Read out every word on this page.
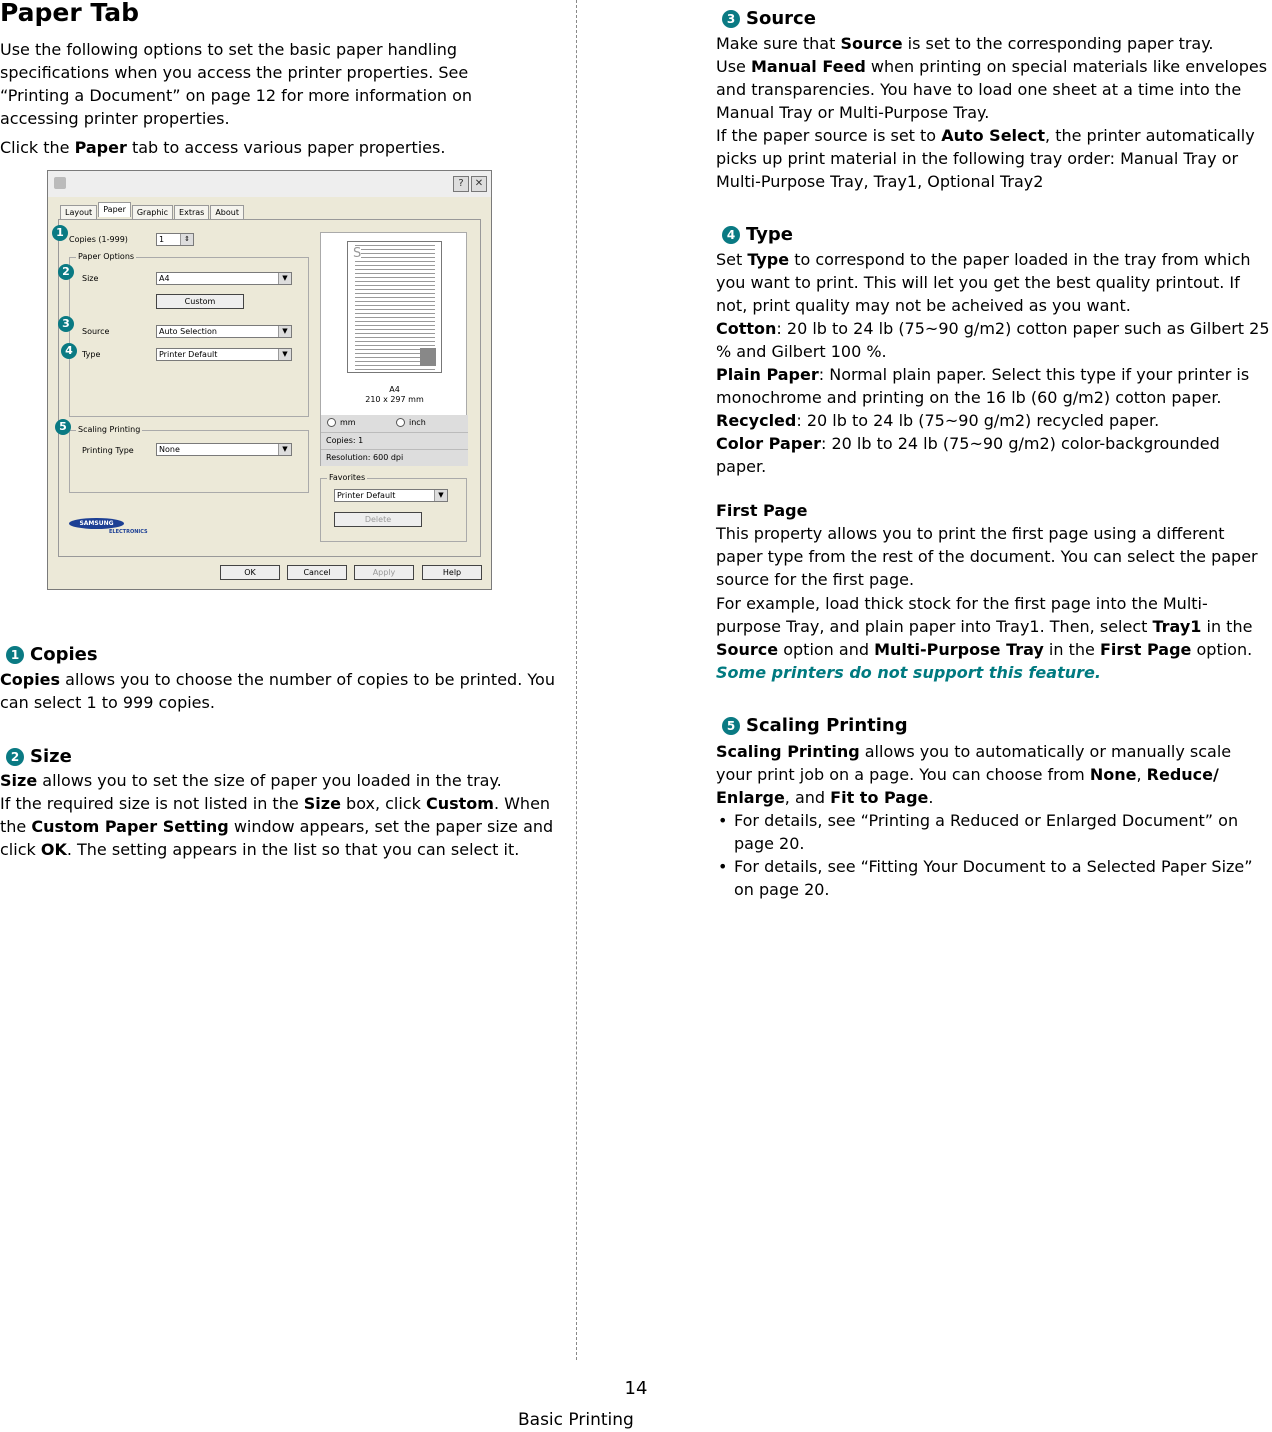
Paper Tab
Use the following options to set the basic paper handling specifications when you access the printer properties. See “Printing a Document” on page 12 for more information on accessing printer properties.
Click the Paper tab to access various paper properties.
?	✕
Layout	Paper	Graphic	Extras	About
Copies (1-999)	1	⇕
Paper Options
Size	A4	▼
Custom
Source	Auto Selection	▼
Type	Printer Default	▼
Scaling Printing
Printing Type	None	▼
S
A4
210 x 297 mm
mm	inch
Copies: 1
Resolution: 600 dpi
Favorites
Printer Default	▼
Delete
SAMSUNG
ELECTRONICS
OK	Cancel	Apply	Help
1
2
3
4
5
1 Copies
Copies allows you to choose the number of copies to be printed. You can select 1 to 999 copies.
2 Size
Size allows you to set the size of paper you loaded in the tray.
If the required size is not listed in the Size box, click Custom. When the Custom Paper Setting window appears, set the paper size and click OK. The setting appears in the list so that you can select it.
3 Source
Make sure that Source is set to the corresponding paper tray.
Use Manual Feed when printing on special materials like envelopes and transparencies. You have to load one sheet at a time into the Manual Tray or Multi-Purpose Tray.
If the paper source is set to Auto Select, the printer automatically picks up print material in the following tray order: Manual Tray or Multi-Purpose Tray, Tray1, Optional Tray2
4 Type
Set Type to correspond to the paper loaded in the tray from which you want to print. This will let you get the best quality printout. If not, print quality may not be acheived as you want.
Cotton: 20 lb to 24 lb (75~90 g/m2) cotton paper such as Gilbert 25 % and Gilbert 100 %.
Plain Paper: Normal plain paper. Select this type if your printer is monochrome and printing on the 16 lb (60 g/m2) cotton paper.
Recycled: 20 lb to 24 lb (75~90 g/m2) recycled paper.
Color Paper: 20 lb to 24 lb (75~90 g/m2) color-backgrounded paper.
First Page
This property allows you to print the first page using a different paper type from the rest of the document. You can select the paper source for the first page.
For example, load thick stock for the first page into the Multi-purpose Tray, and plain paper into Tray1. Then, select Tray1 in the Source option and Multi-Purpose Tray in the First Page option. Some printers do not support this feature.
5 Scaling Printing
Scaling Printing allows you to automatically or manually scale your print job on a page. You can choose from None, Reduce/ Enlarge, and Fit to Page.
• For details, see “Printing a Reduced or Enlarged Document” on page 20.
• For details, see “Fitting Your Document to a Selected Paper Size” on page 20.
14
Basic Printing
